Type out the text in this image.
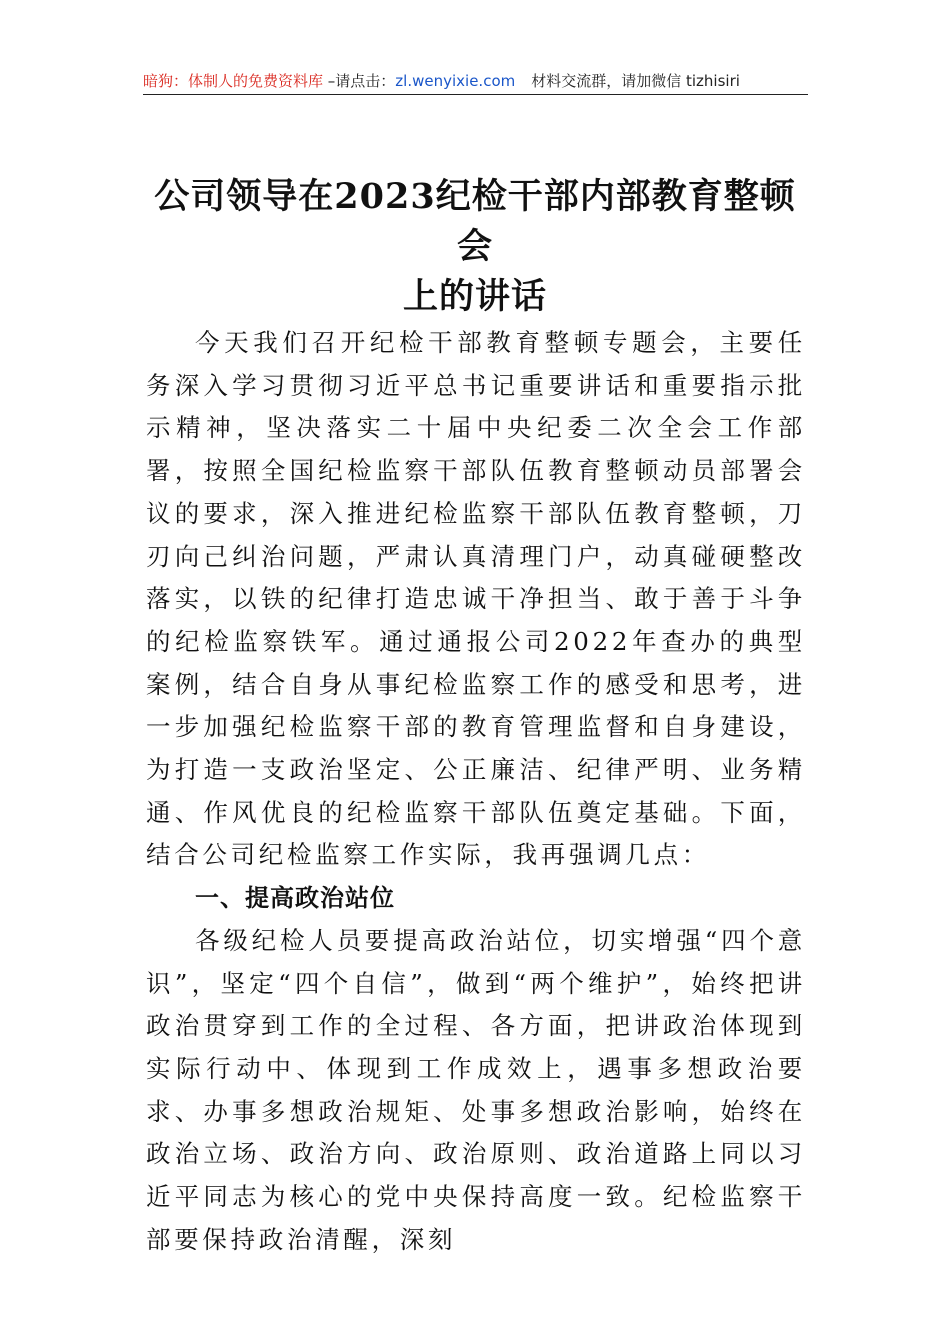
暗狗：体制人的免费资料库 –请点击：zl.wenyixie.com 材料交流群，请加微信 tizhisiri
公司领导在2023纪检干部内部教育整顿会
上的讲话

今天我们召开纪检干部教育整顿专题会，主要任务深入学习贯彻习近平总书记重要讲话和重要指示批示精神，坚决落实二十届中央纪委二次全会工作部署，按照全国纪检监察干部队伍教育整顿动员部署会议的要求，深入推进纪检监察干部队伍教育整顿，刀刃向己纠治问题，严肃认真清理门户，动真碰硬整改落实，以铁的纪律打造忠诚干净担当、敢于善于斗争的纪检监察铁军。通过通报公司2022年查办的典型案例，结合自身从事纪检监察工作的感受和思考，进一步加强纪检监察干部的教育管理监督和自身建设，为打造一支政治坚定、公正廉洁、纪律严明、业务精通、作风优良的纪检监察干部队伍奠定基础。下面，结合公司纪检监察工作实际，我再强调几点：

一、提高政治站位

各级纪检人员要提高政治站位，切实增强“四个意识”，坚定“四个自信”，做到“两个维护”，始终把讲政治贯穿到工作的全过程、各方面，把讲政治体现到实际行动中、体现到工作成效上，遇事多想政治要求、办事多想政治规矩、处事多想政治影响，始终在政治立场、政治方向、政治原则、政治道路上同以习近平同志为核心的党中央保持高度一致。纪检监察干部要保持政治清醒，深刻
